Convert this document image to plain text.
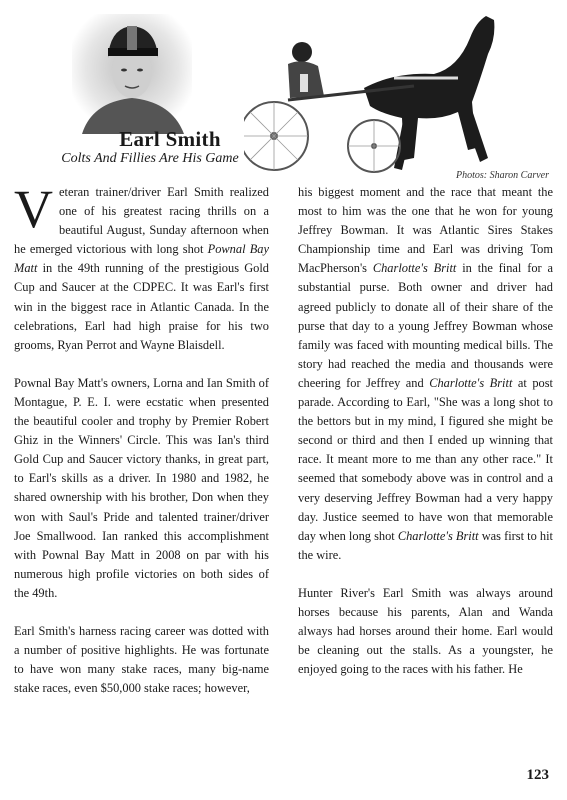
Photos: Sharon Carver
Earl Smith
Colts And Fillies Are His Game

Veteran trainer/driver Earl Smith realized one of his greatest racing thrills on a beautiful August, Sunday afternoon when he emerged victorious with long shot Pownal Bay Matt in the 49th running of the prestigious Gold Cup and Saucer at the CDPEC. It was Earl's first win in the biggest race in Atlantic Canada. In the celebrations, Earl had high praise for his two grooms, Ryan Perrot and Wayne Blaisdell.

Pownal Bay Matt's owners, Lorna and Ian Smith of Montague, P. E. I. were ecstatic when presented the beautiful cooler and trophy by Premier Robert Ghiz in the Winners' Circle. This was Ian's third Gold Cup and Saucer victory thanks, in great part, to Earl's skills as a driver. In 1980 and 1982, he shared ownership with his brother, Don when they won with Saul's Pride and talented trainer/driver Joe Smallwood. Ian ranked this accomplishment with Pownal Bay Matt in 2008 on par with his numerous high profile victories on both sides of the 49th.

Earl Smith's harness racing career was dotted with a number of positive highlights. He was fortunate to have won many stake races, many big-name stake races, even $50,000 stake races; however,

his biggest moment and the race that meant the most to him was the one that he won for young Jeffrey Bowman. It was Atlantic Sires Stakes Championship time and Earl was driving Tom MacPherson's Charlotte's Britt in the final for a substantial purse. Both owner and driver had agreed publicly to donate all of their share of the purse that day to a young Jeffrey Bowman whose family was faced with mounting medical bills. The story had reached the media and thousands were cheering for Jeffrey and Charlotte's Britt at post parade. According to Earl, "She was a long shot to the bettors but in my mind, I figured she might be second or third and then I ended up winning that race. It meant more to me than any other race." It seemed that somebody above was in control and a very deserving Jeffrey Bowman had a very happy day. Justice seemed to have won that memorable day when long shot Charlotte's Britt was first to hit the wire.

Hunter River's Earl Smith was always around horses because his parents, Alan and Wanda always had horses around their home. Earl would be cleaning out the stalls. As a youngster, he enjoyed going to the races with his father. He

123
